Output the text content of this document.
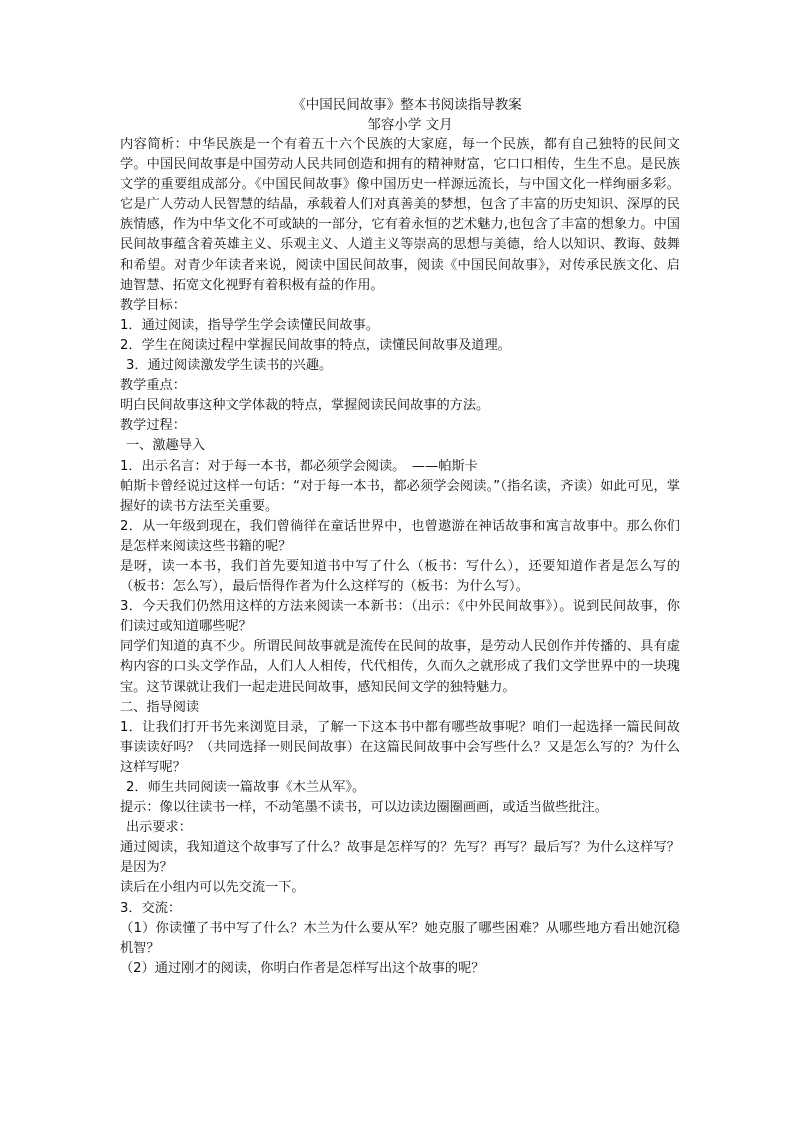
《中国民间故事》整本书阅读指导教案
邹容小学 文月

内容简析：中华民族是一个有着五十六个民族的大家庭，每一个民族，都有自己独特的民间文学。中国民间故事是中国劳动人民共同创造和拥有的精神财富，它口口相传，生生不息。是民族文学的重要组成部分。《中国民间故事》像中国历史一样源远流长，与中国文化一样绚丽多彩。它是广人劳动人民智慧的结晶，承载着人们对真善美的梦想，包含了丰富的历史知识、深厚的民族情感，作为中华文化不可或缺的一部分，它有着永恒的艺术魅力,也包含了丰富的想象力。中国民间故事蕴含着英雄主义、乐观主义、人道主义等崇高的思想与美德，给人以知识、教诲、鼓舞和希望。对青少年读者来说，阅读中国民间故事，阅读《中国民间故事》，对传承民族文化、启迪智慧、拓宽文化视野有着积极有益的作用。

教学目标：

1．通过阅读，指导学生学会读懂民间故事。

2．学生在阅读过程中掌握民间故事的特点，读懂民间故事及道理。

3．通过阅读激发学生读书的兴趣。

教学重点：

明白民间故事这种文学体裁的特点，掌握阅读民间故事的方法。

教学过程：

一、激趣导入

1．出示名言：对于每一本书，都必须学会阅读。　——帕斯卡

帕斯卡曾经说过这样一句话：“对于每一本书，都必须学会阅读。”（指名读，齐读）如此可见，掌握好的读书方法至关重要。

2．从一年级到现在，我们曾徜徉在童话世界中，也曾遨游在神话故事和寓言故事中。那么你们是怎样来阅读这些书籍的呢？

是呀，读一本书，我们首先要知道书中写了什么（板书：写什么），还要知道作者是怎么写的（板书：怎么写），最后悟得作者为什么这样写的（板书：为什么写）。

3．今天我们仍然用这样的方法来阅读一本新书：（出示：《中外民间故事》）。说到民间故事，你们读过或知道哪些呢？

同学们知道的真不少。所谓民间故事就是流传在民间的故事，是劳动人民创作并传播的、具有虚构内容的口头文学作品，人们人人相传，代代相传，久而久之就形成了我们文学世界中的一块瑰宝。这节课就让我们一起走进民间故事，感知民间文学的独特魅力。

二、指导阅读

1．让我们打开书先来浏览目录，了解一下这本书中都有哪些故事呢？咱们一起选择一篇民间故事读读好吗？（共同选择一则民间故事）在这篇民间故事中会写些什么？又是怎么写的？为什么这样写呢？

2．师生共同阅读一篇故事《木兰从军》。

提示：像以往读书一样，不动笔墨不读书，可以边读边圈圈画画，或适当做些批注。

出示要求：

通过阅读，我知道这个故事写了什么？故事是怎样写的？先写？再写？最后写？为什么这样写？是因为？

读后在小组内可以先交流一下。

3．交流：

（1）你读懂了书中写了什么？木兰为什么要从军？她克服了哪些困难？从哪些地方看出她沉稳机智？

（2）通过刚才的阅读，你明白作者是怎样写出这个故事的呢？
